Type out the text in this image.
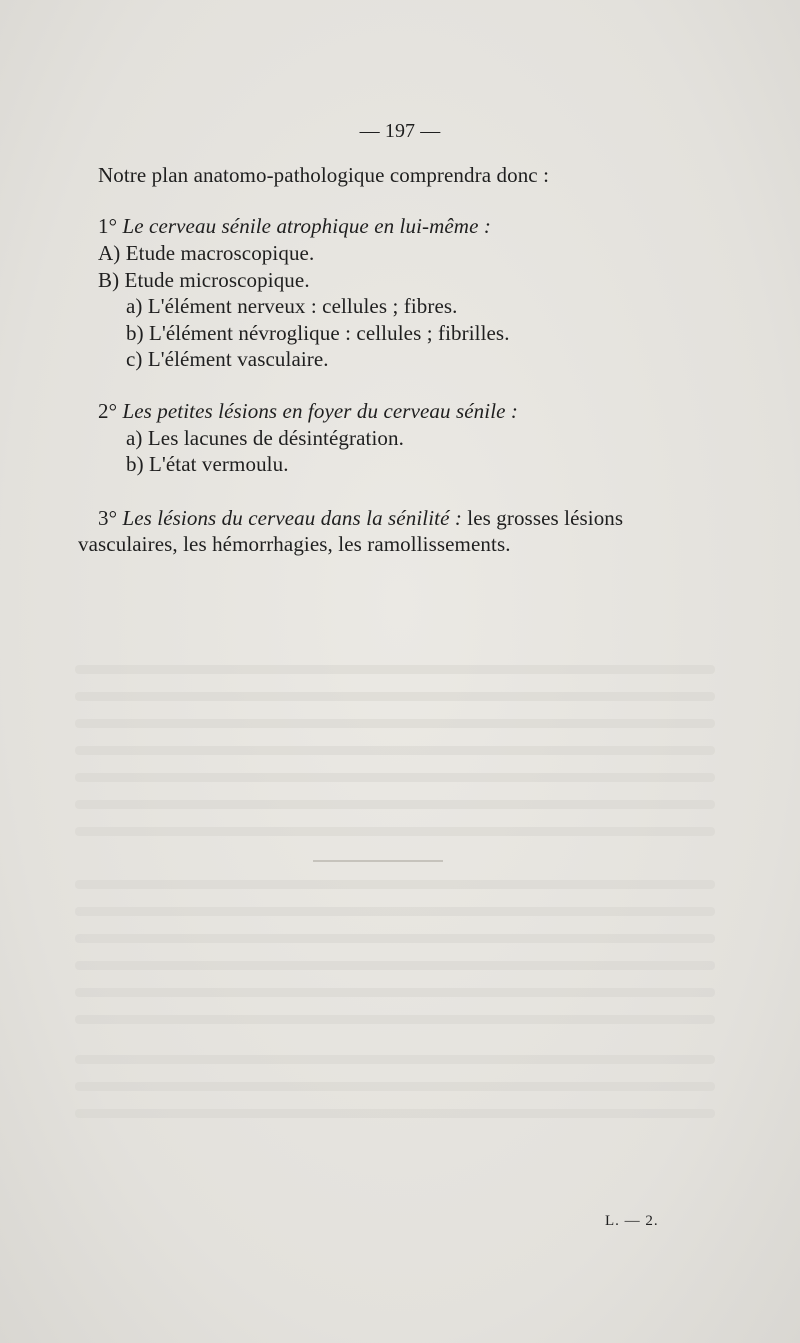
— 197 —
Notre plan anatomo-pathologique comprendra donc :
1° Le cerveau sénile atrophique en lui-même :
A) Etude macroscopique.
B) Etude microscopique.
a) L'élément nerveux : cellules ; fibres.
b) L'élément névroglique : cellules ; fibrilles.
c) L'élément vasculaire.
2° Les petites lésions en foyer du cerveau sénile :
a) Les lacunes de désintégration.
b) L'état vermoulu.
3° Les lésions du cerveau dans la sénilité : les grosses lésions
vasculaires, les hémorrhagies, les ramollissements.
L. — 2.
